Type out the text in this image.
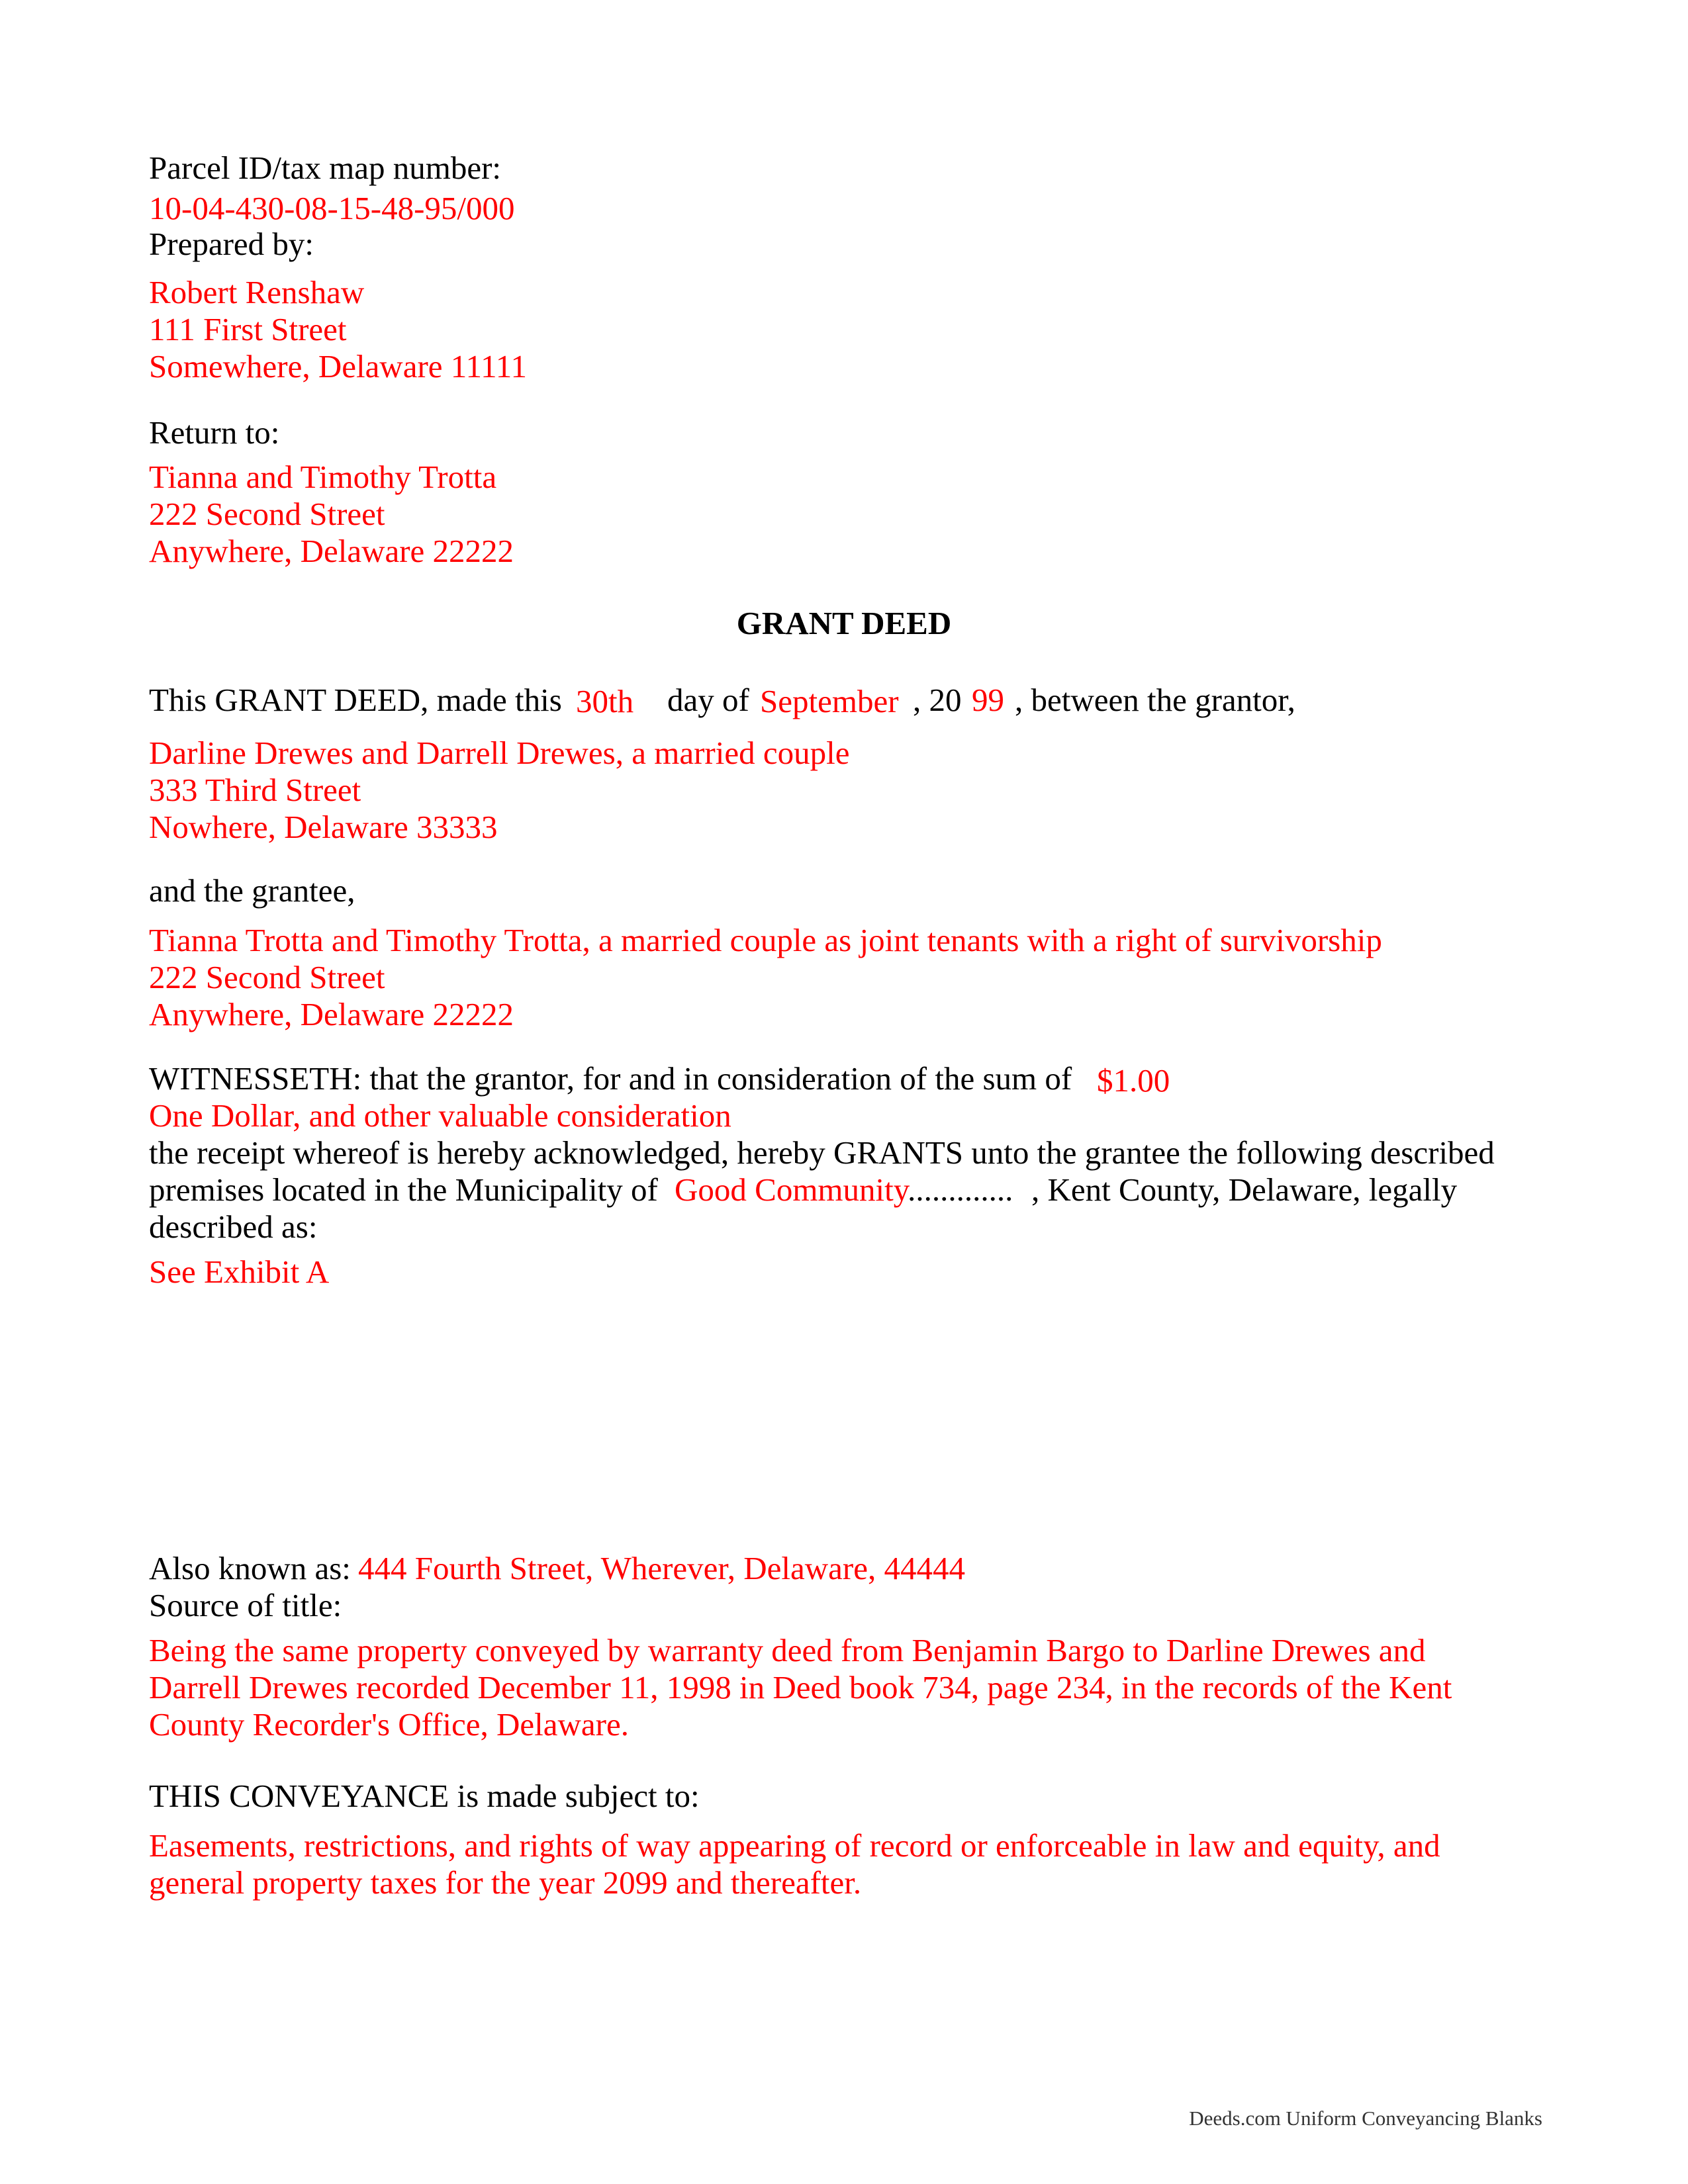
Parcel ID/tax map number:
10-04-430-08-15-48-95/000
Prepared by:
Robert Renshaw
111 First Street
Somewhere, Delaware 11111
Return to:
Tianna and Timothy Trotta
222 Second Street
Anywhere, Delaware 22222
GRANT DEED
This GRANT DEED, made this 30th day of September , 20 99 , between the grantor,
Darline Drewes and Darrell Drewes, a married couple
333 Third Street
Nowhere, Delaware 33333
and the grantee,
Tianna Trotta and Timothy Trotta, a married couple as joint tenants with a right of survivorship
222 Second Street
Anywhere, Delaware 22222
WITNESSETH: that the grantor, for and in consideration of the sum of $1.00
One Dollar, and other valuable consideration
the receipt whereof is hereby acknowledged, hereby GRANTS unto the grantee the following described
premises located in the Municipality of Good Community............. , Kent County, Delaware, legally
described as:
See Exhibit A
Also known as: 444 Fourth Street, Wherever, Delaware, 44444
Source of title:
Being the same property conveyed by warranty deed from Benjamin Bargo to Darline Drewes and
Darrell Drewes recorded December 11, 1998 in Deed book 734, page 234, in the records of the Kent
County Recorder's Office, Delaware.
THIS CONVEYANCE is made subject to:
Easements, restrictions, and rights of way appearing of record or enforceable in law and equity, and
general property taxes for the year 2099 and thereafter.
Deeds.com Uniform Conveyancing Blanks
